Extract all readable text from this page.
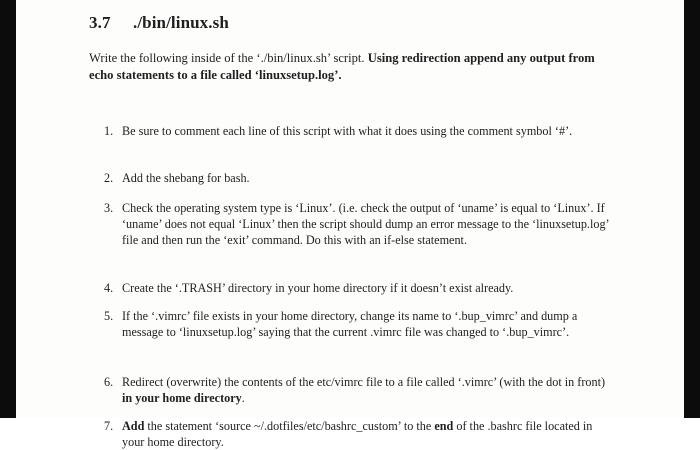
3.7 ./bin/linux.sh
Write the following inside of the ‘./bin/linux.sh’ script. Using redirection append any output from echo statements to a file called ‘linuxsetup.log’.
1. Be sure to comment each line of this script with what it does using the comment symbol ‘#’.
2. Add the shebang for bash.
3. Check the operating system type is ‘Linux’. (i.e. check the output of ‘uname’ is equal to ‘Linux’. If ‘uname’ does not equal ‘Linux’ then the script should dump an error message to the ‘linuxsetup.log’ file and then run the ‘exit’ command. Do this with an if-else statement.
4. Create the ‘.TRASH’ directory in your home directory if it doesn’t exist already.
5. If the ‘.vimrc’ file exists in your home directory, change its name to ‘.bup_vimrc’ and dump a message to ‘linuxsetup.log’ saying that the current .vimrc file was changed to ‘.bup_vimrc’.
6. Redirect (overwrite) the contents of the etc/vimrc file to a file called ‘.vimrc’ (with the dot in front) in your home directory.
7. Add the statement ‘source ~/.dotfiles/etc/bashrc_custom’ to the end of the .bashrc file located in your home directory.
